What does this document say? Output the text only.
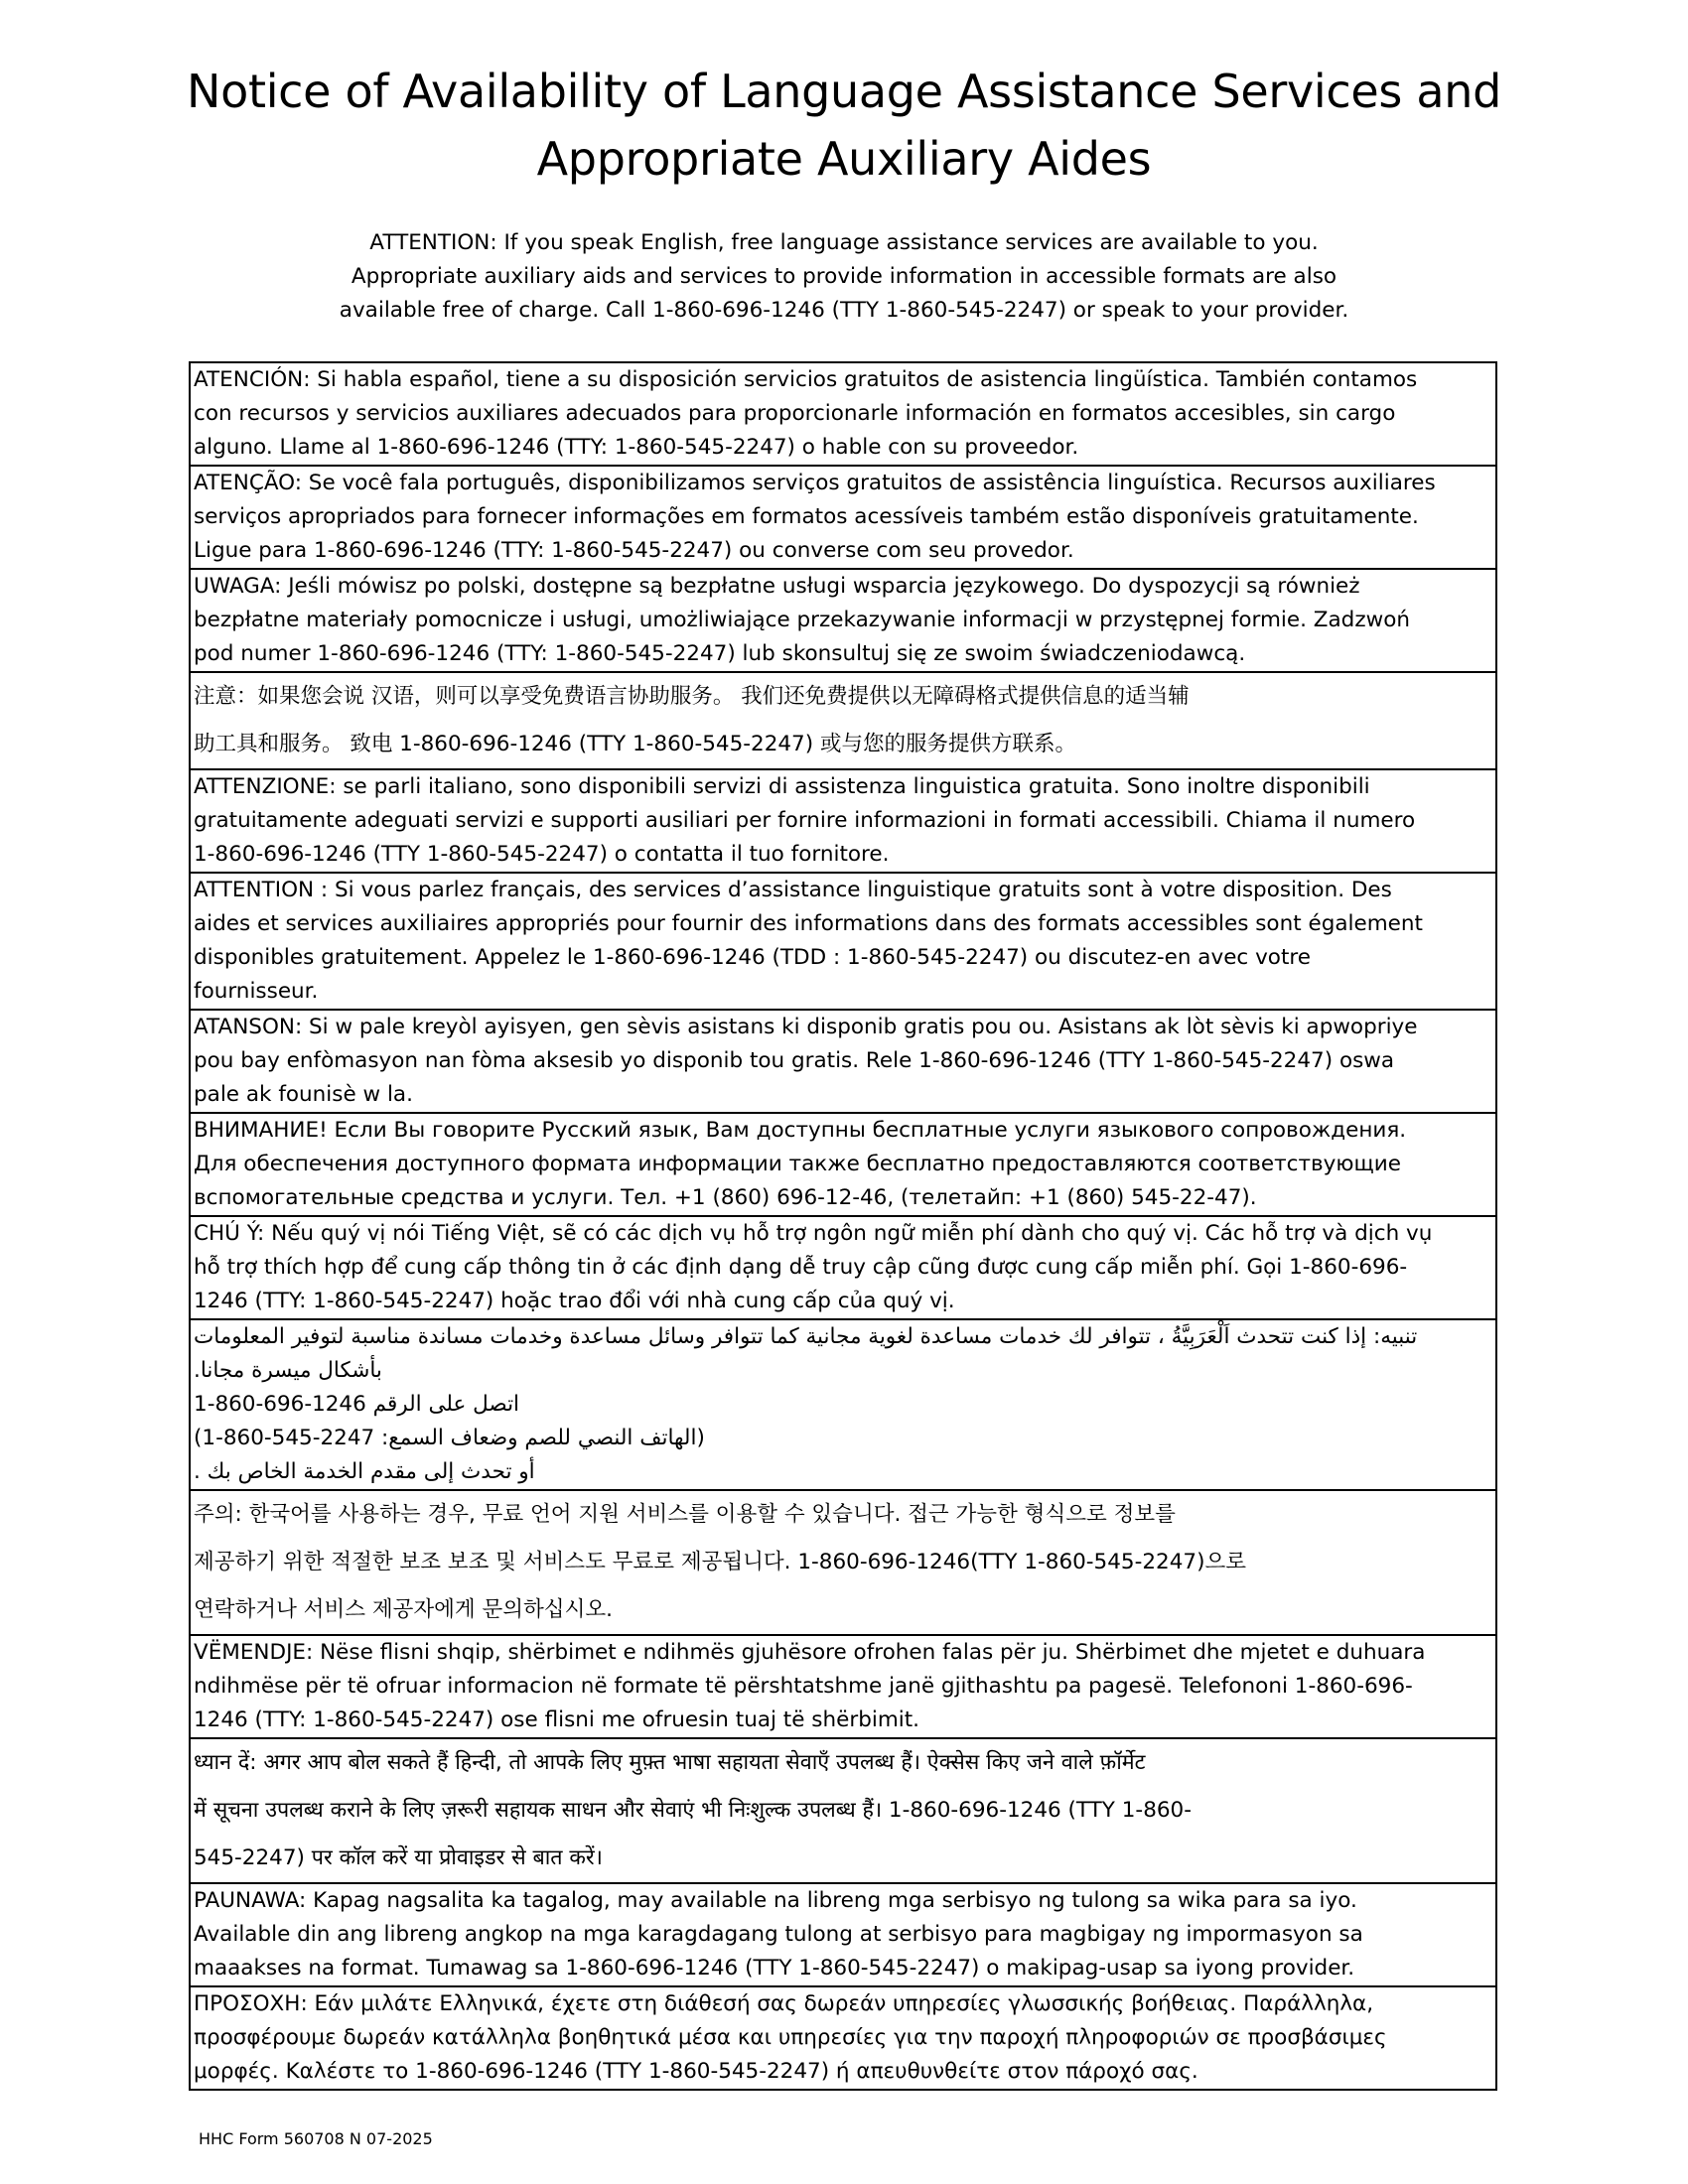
Notice of Availability of Language Assistance Services and
Appropriate Auxiliary Aides
ATTENTION: If you speak English, free language assistance services are available to you.
Appropriate auxiliary aids and services to provide information in accessible formats are also
available free of charge. Call 1-860-696-1246 (TTY 1-860-545-2247) or speak to your provider.
ATENCIÓN: Si habla español, tiene a su disposición servicios gratuitos de asistencia lingüística. También contamos
con recursos y servicios auxiliares adecuados para proporcionarle información en formatos accesibles, sin cargo
alguno. Llame al 1-860-696-1246 (TTY: 1-860-545-2247) o hable con su proveedor.

ATENÇÃO: Se você fala português, disponibilizamos serviços gratuitos de assistência linguística. Recursos auxiliares
serviços apropriados para fornecer informações em formatos acessíveis também estão disponíveis gratuitamente.
Ligue para 1-860-696-1246 (TTY: 1-860-545-2247) ou converse com seu provedor.

UWAGA: Jeśli mówisz po polski, dostępne są bezpłatne usługi wsparcia językowego. Do dyspozycji są również
bezpłatne materiały pomocnicze i usługi, umożliwiające przekazywanie informacji w przystępnej formie. Zadzwoń
pod numer 1-860-696-1246 (TTY: 1-860-545-2247) lub skonsultuj się ze swoim świadczeniodawcą.

注意：如果您会说 汉语，则可以享受免费语言协助服务。 我们还免费提供以无障碍格式提供信息的适当辅
助工具和服务。 致电 1-860-696-1246 (TTY 1-860-545-2247) 或与您的服务提供方联系。

ATTENZIONE: se parli italiano, sono disponibili servizi di assistenza linguistica gratuita. Sono inoltre disponibili
gratuitamente adeguati servizi e supporti ausiliari per fornire informazioni in formati accessibili. Chiama il numero
1-860-696-1246 (TTY 1-860-545-2247) o contatta il tuo fornitore.

ATTENTION : Si vous parlez français, des services d’assistance linguistique gratuits sont à votre disposition. Des
aides et services auxiliaires appropriés pour fournir des informations dans des formats accessibles sont également
disponibles gratuitement. Appelez le 1-860-696-1246 (TDD : 1-860-545-2247) ou discutez-en avec votre
fournisseur.

ATANSON: Si w pale kreyòl ayisyen, gen sèvis asistans ki disponib gratis pou ou. Asistans ak lòt sèvis ki apwopriye
pou bay enfòmasyon nan fòma aksesib yo disponib tou gratis. Rele 1-860-696-1246 (TTY 1-860-545-2247) oswa
pale ak founisè w la.

ВНИМАНИЕ! Если Вы говорите Русский язык, Вам доступны бесплатные услуги языкового сопровождения.
Для обеспечения доступного формата информации также бесплатно предоставляются соответствующие
вспомогательные средства и услуги. Тел. +1 (860) 696-12-46, (телетайп: +1 (860) 545-22-47).

CHÚ Ý: Nếu quý vị nói Tiếng Việt, sẽ có các dịch vụ hỗ trợ ngôn ngữ miễn phí dành cho quý vị. Các hỗ trợ và dịch vụ
hỗ trợ thích hợp để cung cấp thông tin ở các định dạng dễ truy cập cũng được cung cấp miễn phí. Gọi 1-860-696-
1246 (TTY: 1-860-545-2247) hoặc trao đổi với nhà cung cấp của quý vị.

تنبيه: إذا كنت تتحدث اَلْعَرَبِيَّةُ ، تتوافر لك خدمات مساعدة لغوية مجانية كما تتوافر وسائل مساعدة وخدمات مساندة مناسبة لتوفير المعلومات
بأشكال ميسرة مجانا.
اتصل على الرقم 1246-696-860-1
(الهاتف النصي للصم وضعاف السمع: 2247-545-860-1)
أو تحدث إلى مقدم الخدمة الخاص بك .

주의: 한국어를 사용하는 경우, 무료 언어 지원 서비스를 이용할 수 있습니다. 접근 가능한 형식으로 정보를
제공하기 위한 적절한 보조 보조 및 서비스도 무료로 제공됩니다. 1-860-696-1246(TTY 1-860-545-2247)으로
연락하거나 서비스 제공자에게 문의하십시오.

VËMENDJE: Nëse flisni shqip, shërbimet e ndihmës gjuhësore ofrohen falas për ju. Shërbimet dhe mjetet e duhuara
ndihmëse për të ofruar informacion në formate të përshtatshme janë gjithashtu pa pagesë. Telefononi 1-860-696-
1246 (TTY: 1-860-545-2247) ose flisni me ofruesin tuaj të shërbimit.

ध्यान दें: अगर आप बोल सकते हैं हिन्दी, तो आपके लिए मुफ़्त भाषा सहायता सेवाएँ उपलब्ध हैं। ऐक्सेस किए जने वाले फ़ॉर्मेट
में सूचना उपलब्ध कराने के लिए ज़रूरी सहायक साधन और सेवाएं भी निःशुल्क उपलब्ध हैं। 1-860-696-1246 (TTY 1-860-
545-2247) पर कॉल करें या प्रोवाइडर से बात करें।

PAUNAWA: Kapag nagsalita ka tagalog, may available na libreng mga serbisyo ng tulong sa wika para sa iyo.
Available din ang libreng angkop na mga karagdagang tulong at serbisyo para magbigay ng impormasyon sa
maaakses na format. Tumawag sa 1-860-696-1246 (TTY 1-860-545-2247) o makipag-usap sa iyong provider.

ΠΡΟΣΟΧΗ: Εάν μιλάτε Ελληνικά, έχετε στη διάθεσή σας δωρεάν υπηρεσίες γλωσσικής βοήθειας. Παράλληλα,
προσφέρουμε δωρεάν κατάλληλα βοηθητικά μέσα και υπηρεσίες για την παροχή πληροφοριών σε προσβάσιμες
μορφές. Καλέστε το 1-860-696-1246 (TTY 1-860-545-2247) ή απευθυνθείτε στον πάροχό σας.
HHC Form 560708 N 07-2025
